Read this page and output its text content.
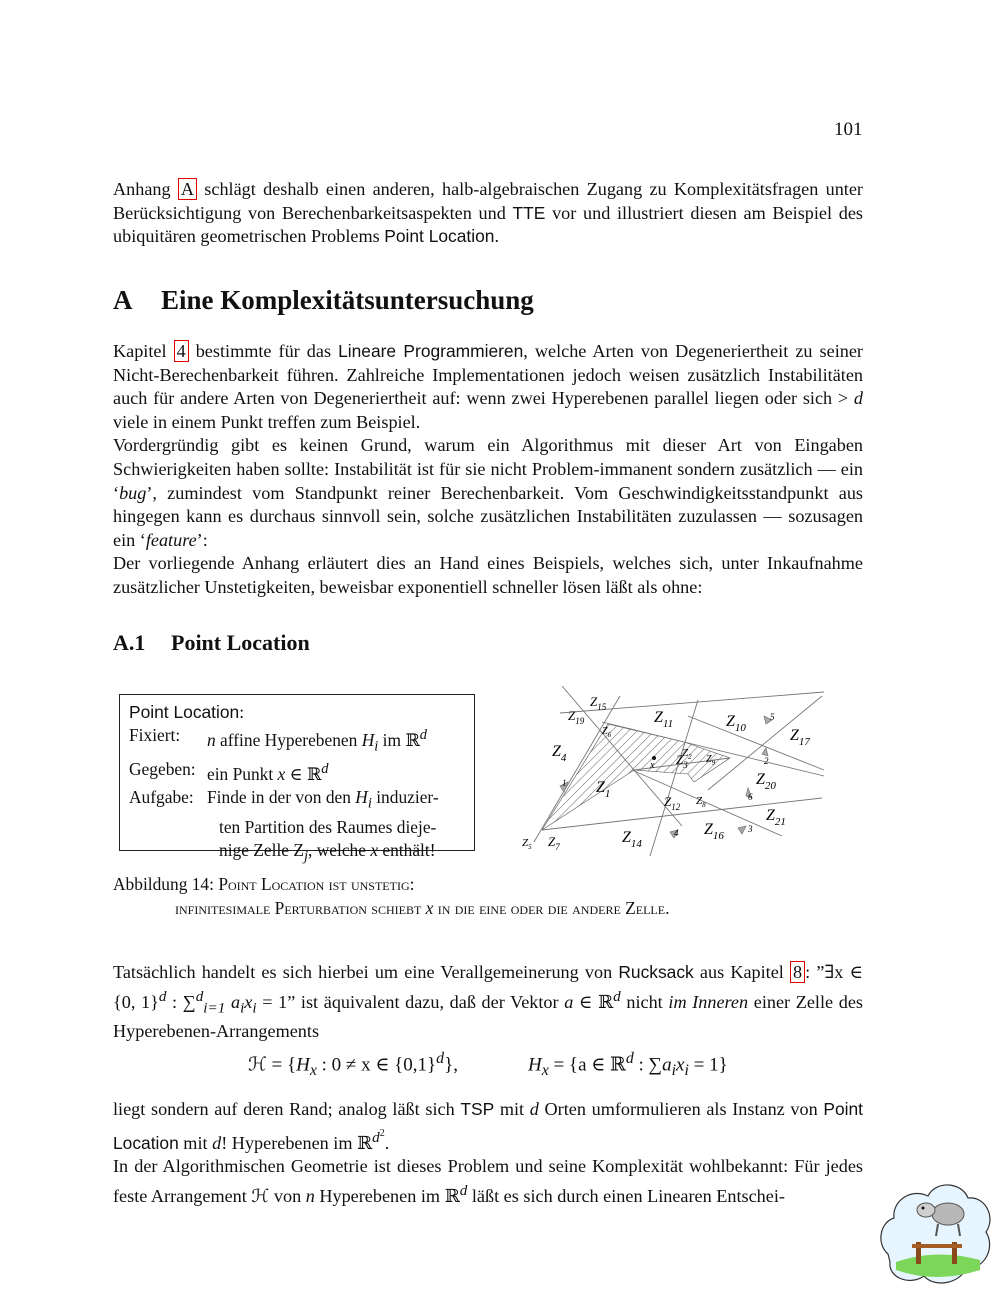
101

Anhang A schlägt deshalb einen anderen, halb-algebraischen Zugang zu Komplexitätsfragen unter Berücksichtigung von Berechenbarkeitsaspekten und TTE vor und illustriert diesen am Beispiel des ubiquitären geometrischen Problems Point Location.

A Eine Komplexitätsuntersuchung

Kapitel 4 bestimmte für das Lineare Programmieren, welche Arten von Degeneriertheit zu seiner Nicht-Berechenbarkeit führen. Zahlreiche Implementationen jedoch weisen zusätzlich Instabilitäten auch für andere Arten von Degeneriertheit auf: wenn zwei Hyperebenen parallel liegen oder sich > d viele in einem Punkt treffen zum Beispiel.

Vordergründig gibt es keinen Grund, warum ein Algorithmus mit dieser Art von Eingaben Schwierigkeiten haben sollte: Instabilität ist für sie nicht Problem-immanent sondern zusätzlich — ein ‘bug’, zumindest vom Standpunkt reiner Berechenbarkeit. Vom Geschwindigkeitsstandpunkt aus hingegen kann es durchaus sinnvoll sein, solche zusätzlichen Instabilitäten zuzulassen — sozusagen ein ‘feature’:

Der vorliegende Anhang erläutert dies an Hand eines Beispiels, welches sich, unter Inkaufnahme zusätzlicher Unstetigkeiten, beweisbar exponentiell schneller lösen läßt als ohne:

A.1 Point Location
Point Location:
Fixiert:	n affine Hyperebenen $H_i$ im ℝ$^d$
Gegeben: ein Punkt x ∈ ℝ$^d$
Aufgabe: Finde in der von den $H_i$ induzier-
ten Partition des Raumes dieje-
nige Zelle $Z_j$, welche x enthält!
$Z_{15}$
$Z_{19}$	$Z_{11}$	$Z_{10}$	$Z_{17}$
$Z_6$
$Z_4$	$Z_3$ $Z_9$
$Z_1$
$Z_2$
$Z_{20}$
$Z_{12}$ $Z_8$
$Z_{16}$
$Z_{21}$
$Z_{14}$
$Z_5$ $Z_7$
x
5
2
6
1
3
4
Abbildung 14: Point Location ist unstetig:
infinitesimale Perturbation schiebt x in die eine oder die andere Zelle.

Tatsächlich handelt es sich hierbei um eine Verallgemeinerung von Rucksack aus Kapitel 8 : ”∃x ∈ {0, 1}$^d$ : ∑$^d_{i=1}$ $a_ix_i = 1$” ist äquivalent dazu, daß der Vektor a ∈ ℝ$^d$ nicht im Inneren einer Zelle des Hyperebenen-Arrangements

ℋ = {$H_x$ : 0 ≠ x ∈ $\{0,1\}^d$},	$H_x = \{a$ ∈ ℝ$^d$ : $\sum a_ix_i = 1$}

liegt sondern auf deren Rand; analog läßt sich TSP mit d Orten umformulieren als Instanz von Point Location mit d! Hyperebenen im ℝ$^{d^2}$.

In der Algorithmischen Geometrie ist dieses Problem und seine Komplexität wohlbekannt: Für jedes feste Arrangement ℋ von n Hyperebenen im ℝ$^d$ läßt es sich durch einen Linearen Entschei-
